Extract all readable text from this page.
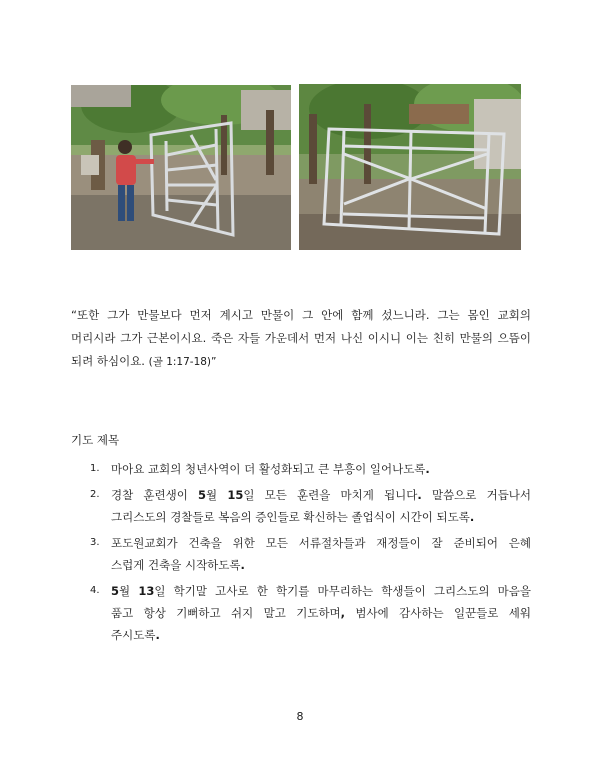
“또한 그가 만물보다 먼저 계시고 만물이 그 안에 함께 섰느니라. 그는 몸인 교회의
머리시라 그가 근본이시요. 죽은 자들 가운데서 먼저 나신 이시니 이는 친히 만물의 으뜸이
되려 하심이요. (골 1:17-18)”

기도 제목

1. 마아요 교회의 청년사역이 더 활성화되고 큰 부흥이 일어나도록.
2. 경찰 훈련생이 5월 15일 모든 훈련을 마치게 됩니다. 말씀으로 거듭나서
그리스도의 경찰들로 복음의 증인들로 확신하는 졸업식이 시간이 되도록.
3. 포도원교회가 건축을 위한 모든 서류절차들과 재정들이 잘 준비되어 은혜
스럽게 건축을 시작하도록.
4. 5월 13일 학기말 고사로 한 학기를 마무리하는 학생들이 그리스도의 마음을
품고 항상 기뻐하고 쉬지 말고 기도하며, 범사에 감사하는 일꾼들로 세워
주시도록.

8
